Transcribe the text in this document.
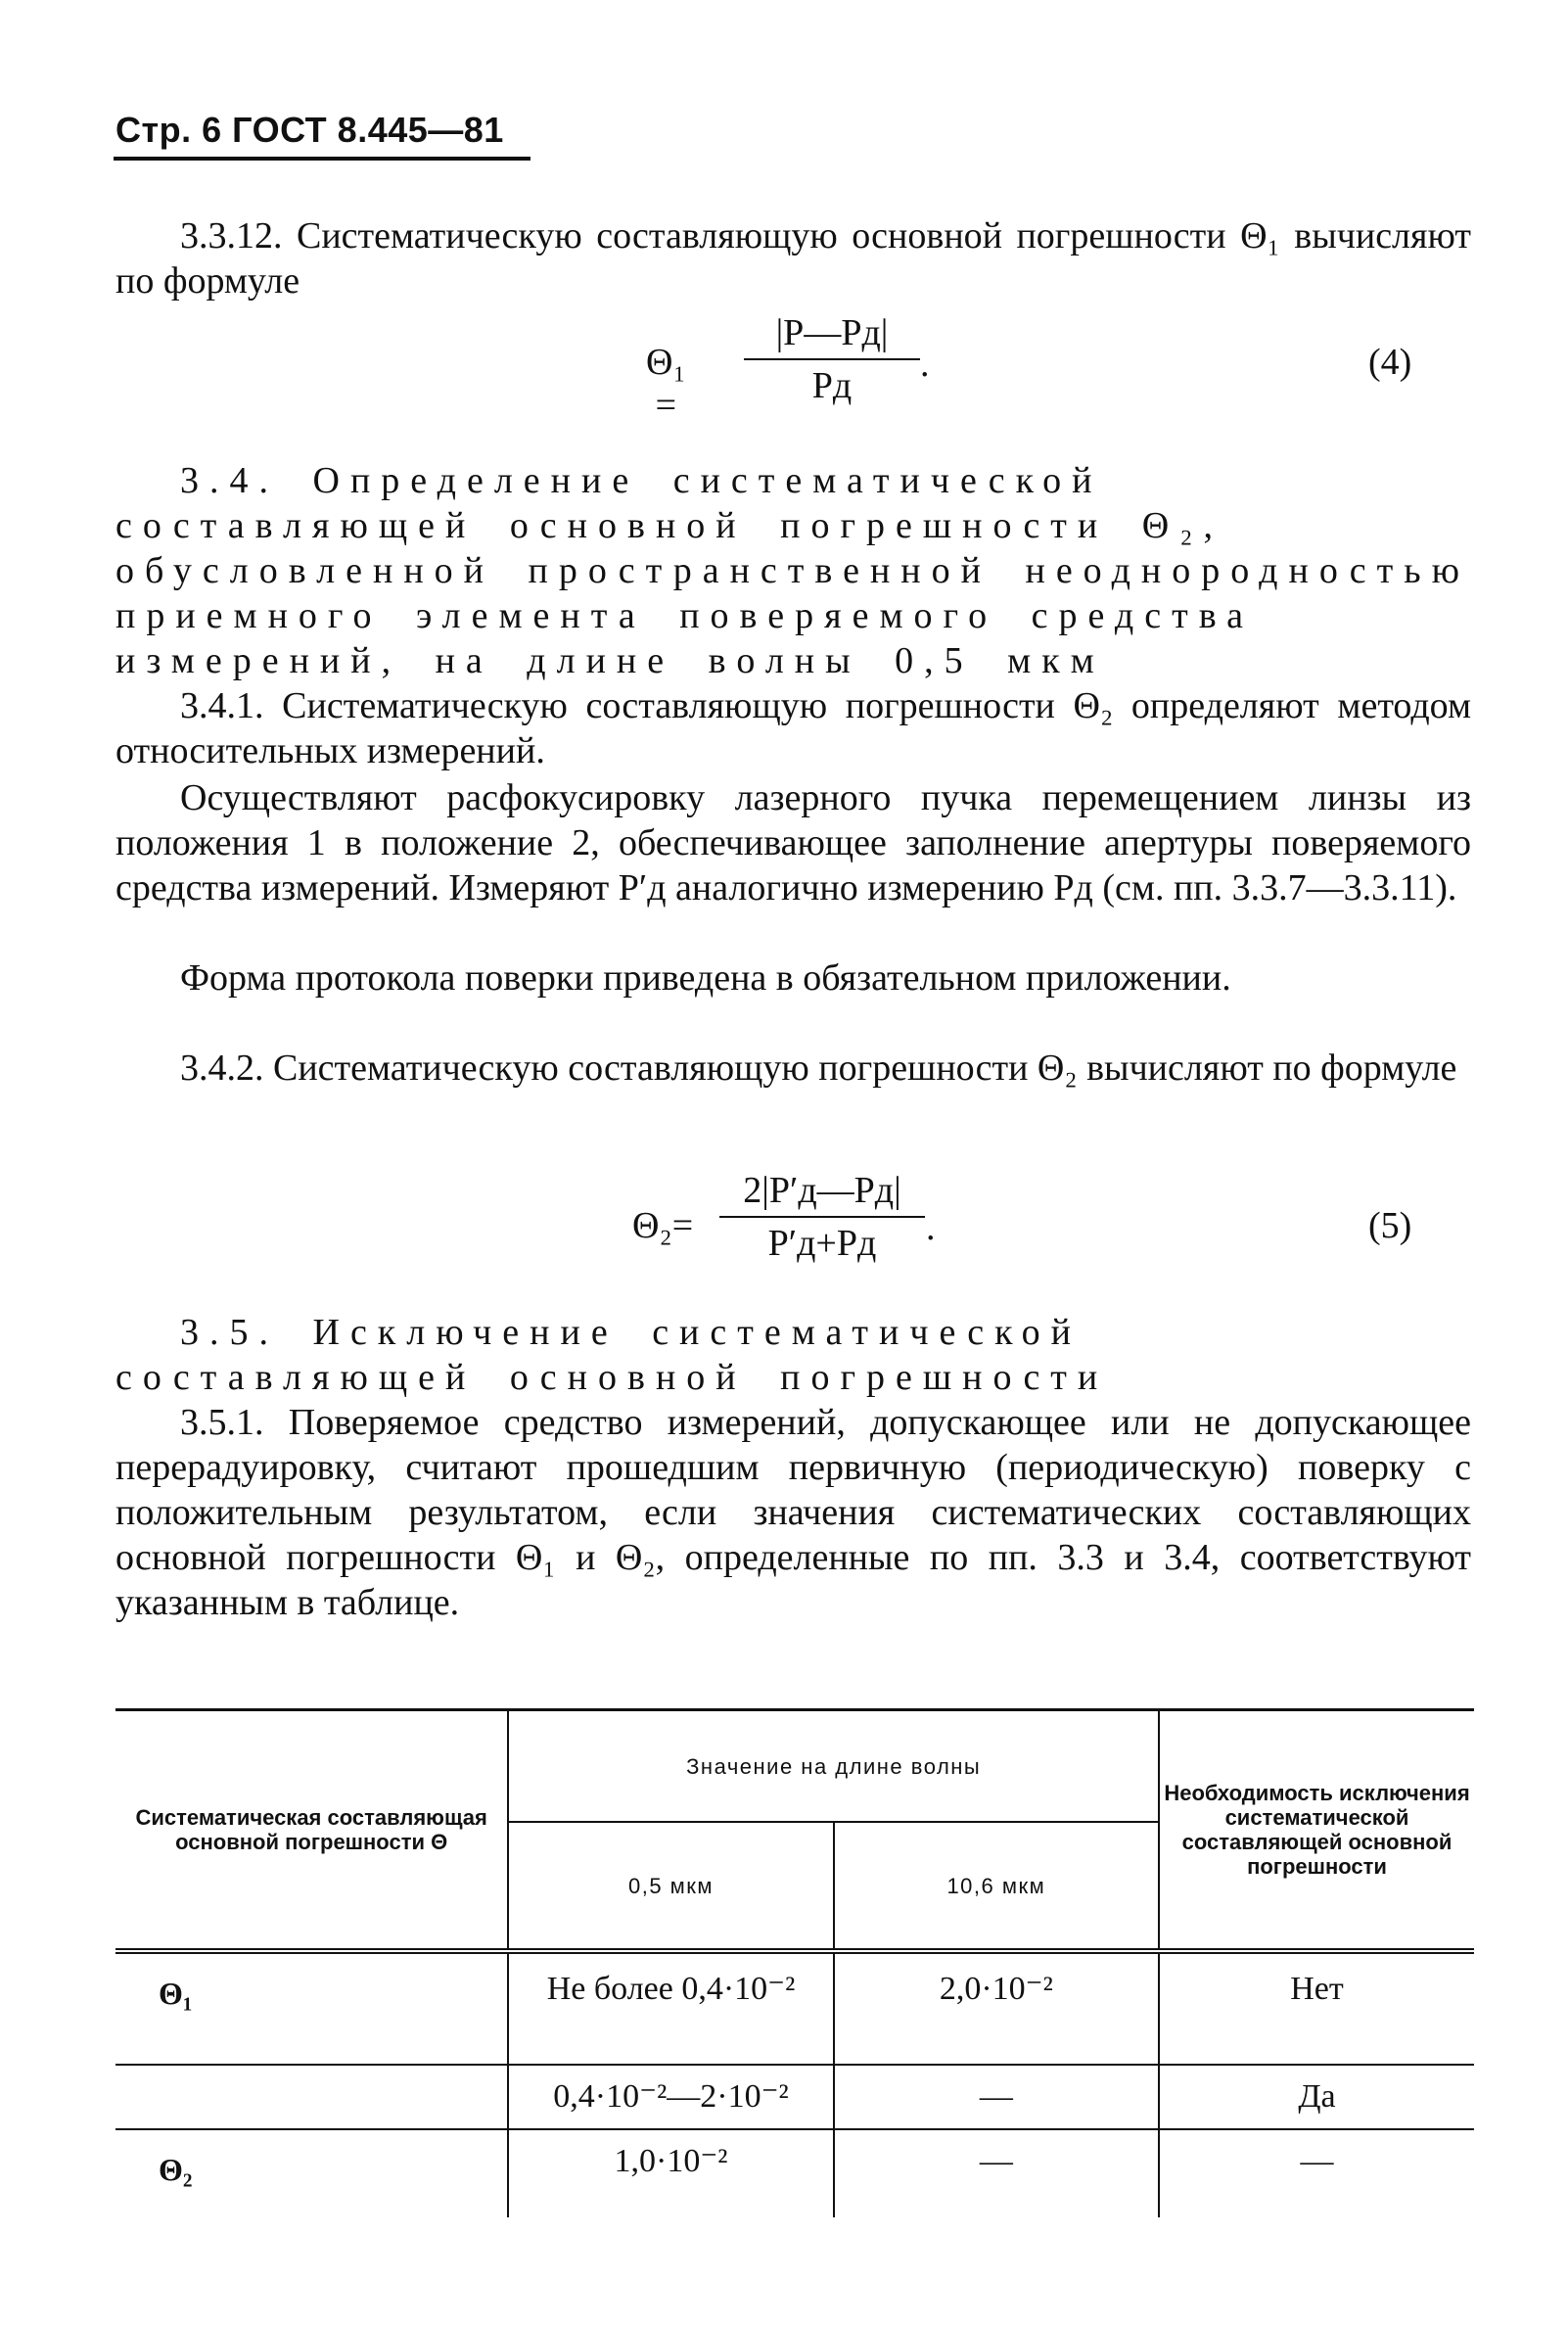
Стр. 6 ГОСТ 8.445—81
3.3.12. Систематическую составляющую основной погрешности Θ₁ вычисляют по формуле
Θ₁ =
|P—Pд|
Pд
.	(4)
3.4. Определение систематической составляющей основной погрешности Θ₂, обусловленной пространственной неоднородностью приемного элемента поверяемого средства измерений, на длине волны 0,5 мкм
3.4.1. Систематическую составляющую погрешности Θ₂ определяют методом относительных измерений.
Осуществляют расфокусировку лазерного пучка перемещением линзы из положения 1 в положение 2, обеспечивающее заполнение апертуры поверяемого средства измерений. Измеряют P′д аналогично измерению Pд (см. пп. 3.3.7—3.3.11).
Форма протокола поверки приведена в обязательном приложении.
3.4.2. Систематическую составляющую погрешности Θ₂ вычисляют по формуле
Θ₂=
2|P′д—Pд|
P′д+Pд	.	(5)
3.5. Исключение систематической составляющей основной погрешности
3.5.1. Поверяемое средство измерений, допускающее или не допускающее перерадуировку, считают прошедшим первичную (периодическую) поверку с положительным результатом, если значения систематических составляющих основной погрешности Θ₁ и Θ₂, определенные по пп. 3.3 и 3.4, соответствуют указанным в таблице.
Систематическая составляющая основной погрешности Θ	Значение на длине волны		Необходимость исключения систематической составляющей основной погрешности
	0,5 мкм	10,6 мкм	
Θ₁	Не более 0,4·10⁻²	2,0·10⁻²	Нет
	0,4·10⁻²—2·10⁻²	—	Да
Θ₂	1,0·10⁻²	—	—
